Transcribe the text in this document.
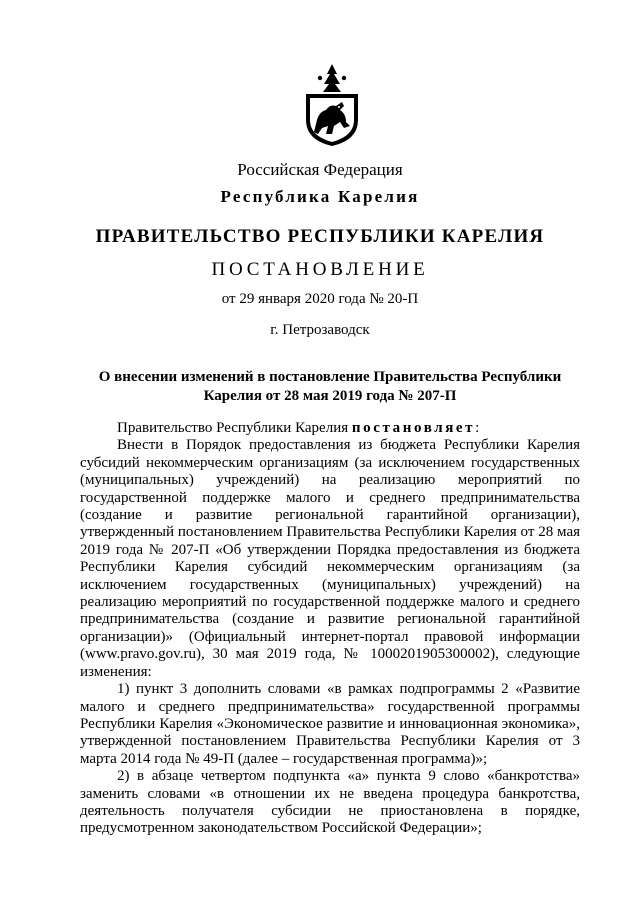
Российская Федерация
Республика Карелия
ПРАВИТЕЛЬСТВО РЕСПУБЛИКИ КАРЕЛИЯ
ПОСТАНОВЛЕНИЕ
от 29 января 2020 года № 20-П
г. Петрозаводск
О внесении изменений в постановление Правительства Республики Карелия от 28 мая 2019 года № 207-П

Правительство Республики Карелия постановляет:

Внести в Порядок предоставления из бюджета Республики Карелия субсидий некоммерческим организациям (за исключением государственных (муниципальных) учреждений) на реализацию мероприятий по государственной поддержке малого и среднего предпринимательства (создание и развитие региональной гарантийной организации), утвержденный постановлением Правительства Республики Карелия от 28 мая 2019 года № 207-П «Об утверждении Порядка предоставления из бюджета Республики Карелия субсидий некоммерческим организациям (за исключением государственных (муниципальных) учреждений) на реализацию мероприятий по государственной поддержке малого и среднего предпринимательства (создание и развитие региональной гарантийной организации)» (Официальный интернет-портал правовой информации (www.pravo.gov.ru), 30 мая 2019 года, № 1000201905300002), следующие изменения:

1) пункт 3 дополнить словами «в рамках подпрограммы 2 «Развитие малого и среднего предпринимательства» государственной программы Республики Карелия «Экономическое развитие и инновационная экономика», утвержденной постановлением Правительства Республики Карелия от 3 марта 2014 года № 49-П (далее – государственная программа)»;

2) в абзаце четвертом подпункта «а» пункта 9 слово «банкротства» заменить словами «в отношении их не введена процедура банкротства, деятельность получателя субсидии не приостановлена в порядке, предусмотренном законодательством Российской Федерации»;
